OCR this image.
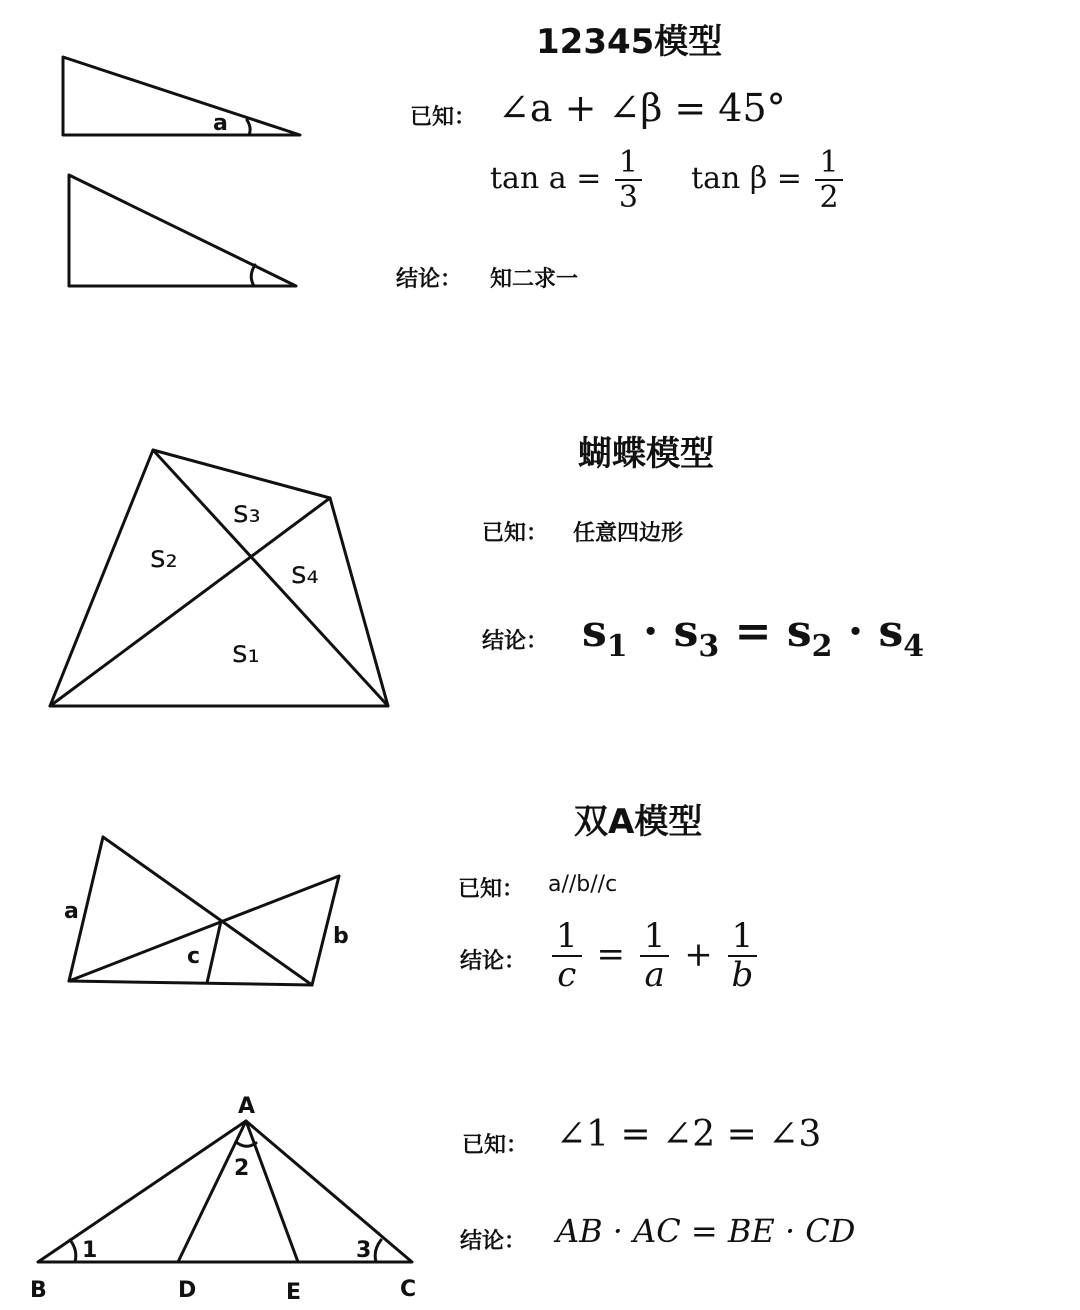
a
s₃
s₂	s₄
s₁
a
b
c
A
B	D	E	C
1
2
3
12345模型
已知： ∠a + ∠β = 45°
$\tan a = \frac{1}{3}$ $\tan \beta = \frac{1}{2}$
结论： 知二求一
蝴蝶模型
已知： 任意四边形
结论： $s_1 \cdot s_3 = s_2 \cdot s_4$
双A模型
已知： a//b//c
结论： $\frac{1}{c} = \frac{1}{a} + \frac{1}{b}$
已知： ∠1 = ∠2 = ∠3
结论： AB · AC = BE · CD
